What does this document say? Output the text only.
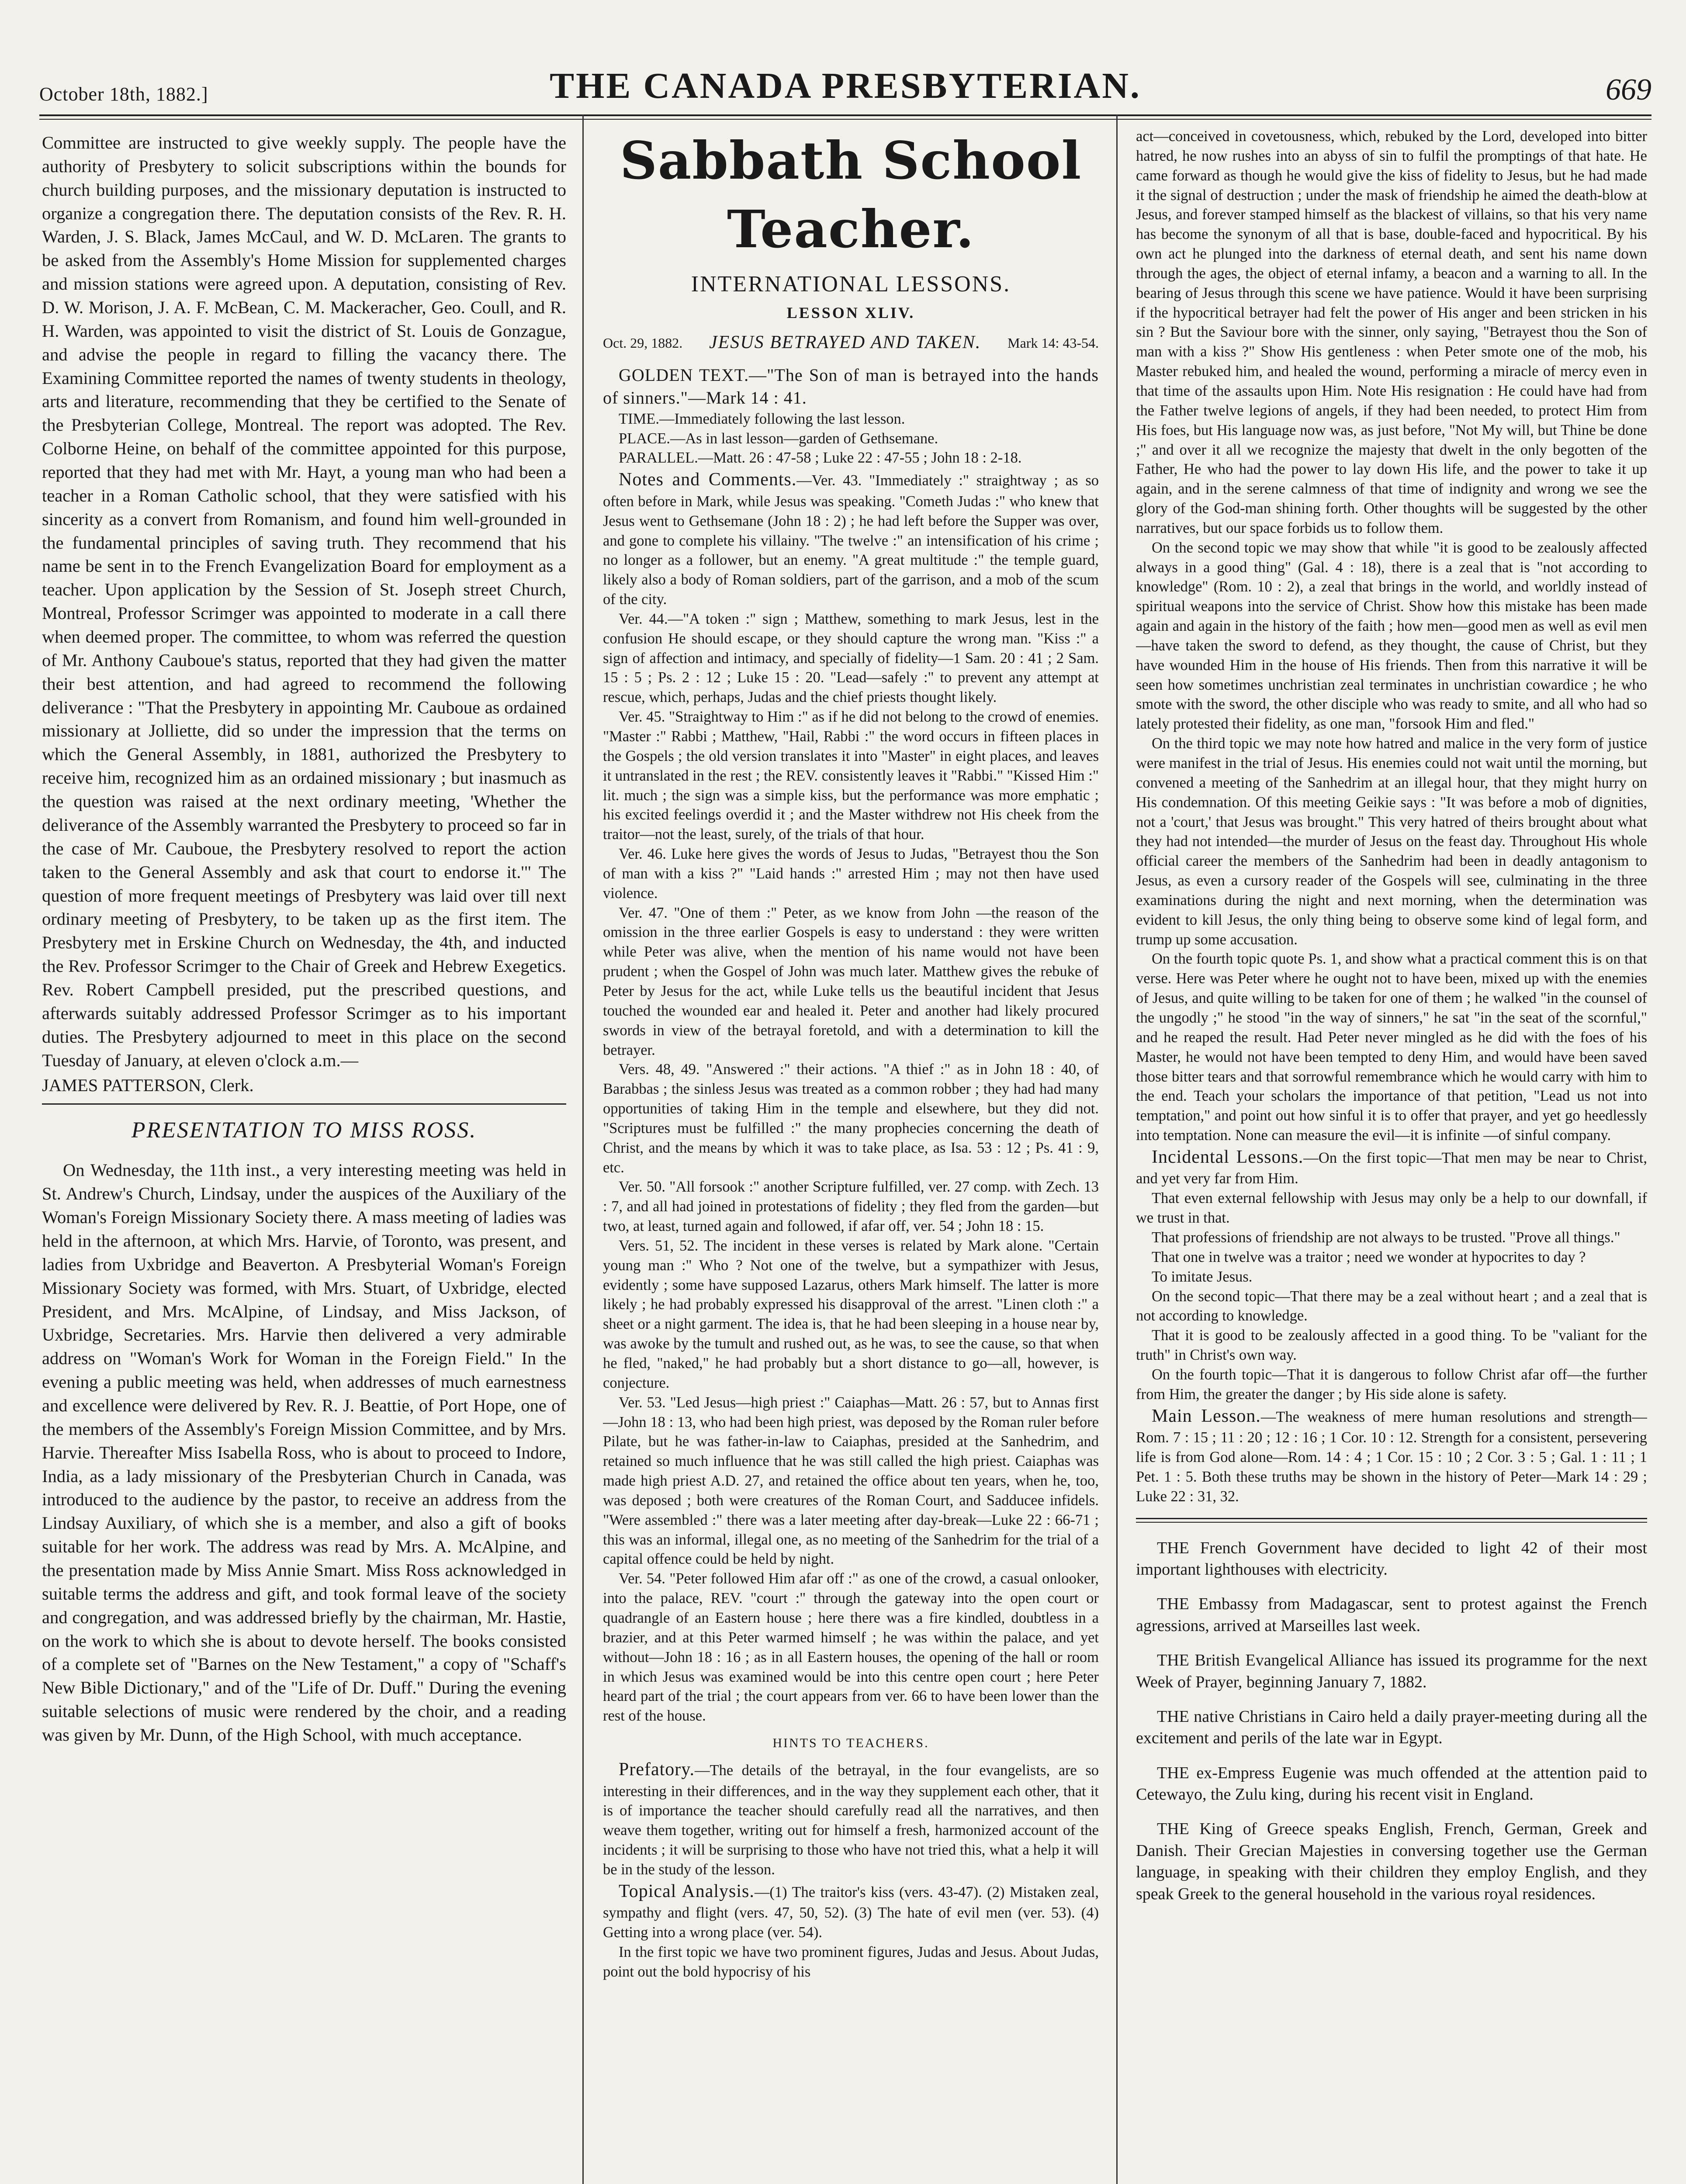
October 18th, 1882.]	THE CANADA PRESBYTERIAN.	669

Committee are instructed to give weekly supply. The people have the authority of Presbytery to solicit subscriptions within the bounds for church building purposes, and the missionary deputation is instructed to organize a congregation there. The deputation consists of the Rev. R. H. Warden, J. S. Black, James McCaul, and W. D. McLaren. The grants to be asked from the Assembly's Home Mission for supplemented charges and mission stations were agreed upon. A deputation, consisting of Rev. D. W. Morison, J. A. F. McBean, C. M. Mackeracher, Geo. Coull, and R. H. Warden, was appointed to visit the district of St. Louis de Gonzague, and advise the people in regard to filling the vacancy there. The Examining Committee reported the names of twenty students in theology, arts and literature, recommending that they be certified to the Senate of the Presbyterian College, Montreal. The report was adopted. The Rev. Colborne Heine, on behalf of the committee appointed for this purpose, reported that they had met with Mr. Hayt, a young man who had been a teacher in a Roman Catholic school, that they were satisfied with his sincerity as a convert from Romanism, and found him well-grounded in the fundamental principles of saving truth. They recommend that his name be sent in to the French Evangelization Board for employment as a teacher. Upon application by the Session of St. Joseph street Church, Montreal, Professor Scrimger was appointed to moderate in a call there when deemed proper. The committee, to whom was referred the question of Mr. Anthony Cauboue's status, reported that they had given the matter their best attention, and had agreed to recommend the following deliverance : "That the Presbytery in appointing Mr. Cauboue as ordained missionary at Jolliette, did so under the impression that the terms on which the General Assembly, in 1881, authorized the Presbytery to receive him, recognized him as an ordained missionary ; but inasmuch as the question was raised at the next ordinary meeting, 'Whether the deliverance of the Assembly warranted the Presbytery to proceed so far in the case of Mr. Cauboue, the Presbytery resolved to report the action taken to the General Assembly and ask that court to endorse it.'" The question of more frequent meetings of Presbytery was laid over till next ordinary meeting of Presbytery, to be taken up as the first item. The Presbytery met in Erskine Church on Wednesday, the 4th, and inducted the Rev. Professor Scrimger to the Chair of Greek and Hebrew Exegetics. Rev. Robert Campbell presided, put the prescribed questions, and afterwards suitably addressed Professor Scrimger as to his important duties. The Presbytery adjourned to meet in this place on the second Tuesday of January, at eleven o'clock a.m.—

JAMES PATTERSON, Clerk.

PRESENTATION TO MISS ROSS.

On Wednesday, the 11th inst., a very interesting meeting was held in St. Andrew's Church, Lindsay, under the auspices of the Auxiliary of the Woman's Foreign Missionary Society there. A mass meeting of ladies was held in the afternoon, at which Mrs. Harvie, of Toronto, was present, and ladies from Uxbridge and Beaverton. A Presbyterial Woman's Foreign Missionary Society was formed, with Mrs. Stuart, of Uxbridge, elected President, and Mrs. McAlpine, of Lindsay, and Miss Jackson, of Uxbridge, Secretaries. Mrs. Harvie then delivered a very admirable address on "Woman's Work for Woman in the Foreign Field." In the evening a public meeting was held, when addresses of much earnestness and excellence were delivered by Rev. R. J. Beattie, of Port Hope, one of the members of the Assembly's Foreign Mission Committee, and by Mrs. Harvie. Thereafter Miss Isabella Ross, who is about to proceed to Indore, India, as a lady missionary of the Presbyterian Church in Canada, was introduced to the audience by the pastor, to receive an address from the Lindsay Auxiliary, of which she is a member, and also a gift of books suitable for her work. The address was read by Mrs. A. McAlpine, and the presentation made by Miss Annie Smart. Miss Ross acknowledged in suitable terms the address and gift, and took formal leave of the society and congregation, and was addressed briefly by the chairman, Mr. Hastie, on the work to which she is about to devote herself. The books consisted of a complete set of "Barnes on the New Testament," a copy of "Schaff's New Bible Dictionary," and of the "Life of Dr. Duff." During the evening suitable selections of music were rendered by the choir, and a reading was given by Mr. Dunn, of the High School, with much acceptance.

Sabbath School Teacher.
INTERNATIONAL LESSONS.
LESSON XLIV.
Oct. 29, 1882. JESUS BETRAYED AND TAKEN. Mark 14: 43-54.

GOLDEN TEXT.—"The Son of man is betrayed into the hands of sinners."—Mark 14 : 41.

TIME.—Immediately following the last lesson.

PLACE.—As in last lesson—garden of Gethsemane.

PARALLEL.—Matt. 26 : 47-58 ; Luke 22 : 47-55 ; John 18 : 2-18.

Notes and Comments.—Ver. 43. "Immediately :" straightway ; as so often before in Mark, while Jesus was speaking. "Cometh Judas :" who knew that Jesus went to Gethsemane (John 18 : 2) ; he had left before the Supper was over, and gone to complete his villainy. "The twelve :" an intensification of his crime ; no longer as a follower, but an enemy. "A great multitude :" the temple guard, likely also a body of Roman soldiers, part of the garrison, and a mob of the scum of the city.

Ver. 44.—"A token :" sign ; Matthew, something to mark Jesus, lest in the confusion He should escape, or they should capture the wrong man. "Kiss :" a sign of affection and intimacy, and specially of fidelity—1 Sam. 20 : 41 ; 2 Sam. 15 : 5 ; Ps. 2 : 12 ; Luke 15 : 20. "Lead—safely :" to prevent any attempt at rescue, which, perhaps, Judas and the chief priests thought likely.

Ver. 45. "Straightway to Him :" as if he did not belong to the crowd of enemies. "Master :" Rabbi ; Matthew, "Hail, Rabbi :" the word occurs in fifteen places in the Gospels ; the old version translates it into "Master" in eight places, and leaves it untranslated in the rest ; the REV. consistently leaves it "Rabbi." "Kissed Him :" lit. much ; the sign was a simple kiss, but the performance was more emphatic ; his excited feelings overdid it ; and the Master withdrew not His cheek from the traitor—not the least, surely, of the trials of that hour.

Ver. 46. Luke here gives the words of Jesus to Judas, "Betrayest thou the Son of man with a kiss ?" "Laid hands :" arrested Him ; may not then have used violence.

Ver. 47. "One of them :" Peter, as we know from John —the reason of the omission in the three earlier Gospels is easy to understand : they were written while Peter was alive, when the mention of his name would not have been prudent ; when the Gospel of John was much later. Matthew gives the rebuke of Peter by Jesus for the act, while Luke tells us the beautiful incident that Jesus touched the wounded ear and healed it. Peter and another had likely procured swords in view of the betrayal foretold, and with a determination to kill the betrayer.

Vers. 48, 49. "Answered :" their actions. "A thief :" as in John 18 : 40, of Barabbas ; the sinless Jesus was treated as a common robber ; they had had many opportunities of taking Him in the temple and elsewhere, but they did not. "Scriptures must be fulfilled :" the many prophecies concerning the death of Christ, and the means by which it was to take place, as Isa. 53 : 12 ; Ps. 41 : 9, etc.

Ver. 50. "All forsook :" another Scripture fulfilled, ver. 27 comp. with Zech. 13 : 7, and all had joined in protestations of fidelity ; they fled from the garden—but two, at least, turned again and followed, if afar off, ver. 54 ; John 18 : 15.

Vers. 51, 52. The incident in these verses is related by Mark alone. "Certain young man :" Who ? Not one of the twelve, but a sympathizer with Jesus, evidently ; some have supposed Lazarus, others Mark himself. The latter is more likely ; he had probably expressed his disapproval of the arrest. "Linen cloth :" a sheet or a night garment. The idea is, that he had been sleeping in a house near by, was awoke by the tumult and rushed out, as he was, to see the cause, so that when he fled, "naked," he had probably but a short distance to go—all, however, is conjecture.

Ver. 53. "Led Jesus—high priest :" Caiaphas—Matt. 26 : 57, but to Annas first—John 18 : 13, who had been high priest, was deposed by the Roman ruler before Pilate, but he was father-in-law to Caiaphas, presided at the Sanhedrim, and retained so much influence that he was still called the high priest. Caiaphas was made high priest A.D. 27, and retained the office about ten years, when he, too, was deposed ; both were creatures of the Roman Court, and Sadducee infidels. "Were assembled :" there was a later meeting after day-break—Luke 22 : 66-71 ; this was an informal, illegal one, as no meeting of the Sanhedrim for the trial of a capital offence could be held by night.

Ver. 54. "Peter followed Him afar off :" as one of the crowd, a casual onlooker, into the palace, REV. "court :" through the gateway into the open court or quadrangle of an Eastern house ; here there was a fire kindled, doubtless in a brazier, and at this Peter warmed himself ; he was within the palace, and yet without—John 18 : 16 ; as in all Eastern houses, the opening of the hall or room in which Jesus was examined would be into this centre open court ; here Peter heard part of the trial ; the court appears from ver. 66 to have been lower than the rest of the house.

HINTS TO TEACHERS.

Prefatory.—The details of the betrayal, in the four evangelists, are so interesting in their differences, and in the way they supplement each other, that it is of importance the teacher should carefully read all the narratives, and then weave them together, writing out for himself a fresh, harmonized account of the incidents ; it will be surprising to those who have not tried this, what a help it will be in the study of the lesson.

Topical Analysis.—(1) The traitor's kiss (vers. 43-47). (2) Mistaken zeal, sympathy and flight (vers. 47, 50, 52). (3) The hate of evil men (ver. 53). (4) Getting into a wrong place (ver. 54).

In the first topic we have two prominent figures, Judas and Jesus. About Judas, point out the bold hypocrisy of his

act—conceived in covetousness, which, rebuked by the Lord, developed into bitter hatred, he now rushes into an abyss of sin to fulfil the promptings of that hate. He came forward as though he would give the kiss of fidelity to Jesus, but he had made it the signal of destruction ; under the mask of friendship he aimed the death-blow at Jesus, and forever stamped himself as the blackest of villains, so that his very name has become the synonym of all that is base, double-faced and hypocritical. By his own act he plunged into the darkness of eternal death, and sent his name down through the ages, the object of eternal infamy, a beacon and a warning to all. In the bearing of Jesus through this scene we have patience. Would it have been surprising if the hypocritical betrayer had felt the power of His anger and been stricken in his sin ? But the Saviour bore with the sinner, only saying, "Betrayest thou the Son of man with a kiss ?" Show His gentleness : when Peter smote one of the mob, his Master rebuked him, and healed the wound, performing a miracle of mercy even in that time of the assaults upon Him. Note His resignation : He could have had from the Father twelve legions of angels, if they had been needed, to protect Him from His foes, but His language now was, as just before, "Not My will, but Thine be done ;" and over it all we recognize the majesty that dwelt in the only begotten of the Father, He who had the power to lay down His life, and the power to take it up again, and in the serene calmness of that time of indignity and wrong we see the glory of the God-man shining forth. Other thoughts will be suggested by the other narratives, but our space forbids us to follow them.

On the second topic we may show that while "it is good to be zealously affected always in a good thing" (Gal. 4 : 18), there is a zeal that is "not according to knowledge" (Rom. 10 : 2), a zeal that brings in the world, and worldly instead of spiritual weapons into the service of Christ. Show how this mistake has been made again and again in the history of the faith ; how men—good men as well as evil men—have taken the sword to defend, as they thought, the cause of Christ, but they have wounded Him in the house of His friends. Then from this narrative it will be seen how sometimes unchristian zeal terminates in unchristian cowardice ; he who smote with the sword, the other disciple who was ready to smite, and all who had so lately protested their fidelity, as one man, "forsook Him and fled."

On the third topic we may note how hatred and malice in the very form of justice were manifest in the trial of Jesus. His enemies could not wait until the morning, but convened a meeting of the Sanhedrim at an illegal hour, that they might hurry on His condemnation. Of this meeting Geikie says : "It was before a mob of dignities, not a 'court,' that Jesus was brought." This very hatred of theirs brought about what they had not intended—the murder of Jesus on the feast day. Throughout His whole official career the members of the Sanhedrim had been in deadly antagonism to Jesus, as even a cursory reader of the Gospels will see, culminating in the three examinations during the night and next morning, when the determination was evident to kill Jesus, the only thing being to observe some kind of legal form, and trump up some accusation.

On the fourth topic quote Ps. 1, and show what a practical comment this is on that verse. Here was Peter where he ought not to have been, mixed up with the enemies of Jesus, and quite willing to be taken for one of them ; he walked "in the counsel of the ungodly ;" he stood "in the way of sinners," he sat "in the seat of the scornful," and he reaped the result. Had Peter never mingled as he did with the foes of his Master, he would not have been tempted to deny Him, and would have been saved those bitter tears and that sorrowful remembrance which he would carry with him to the end. Teach your scholars the importance of that petition, "Lead us not into temptation," and point out how sinful it is to offer that prayer, and yet go heedlessly into temptation. None can measure the evil—it is infinite —of sinful company.

Incidental Lessons.—On the first topic—That men may be near to Christ, and yet very far from Him.

That even external fellowship with Jesus may only be a help to our downfall, if we trust in that.

That professions of friendship are not always to be trusted. "Prove all things."

That one in twelve was a traitor ; need we wonder at hypocrites to day ?

To imitate Jesus.

On the second topic—That there may be a zeal without heart ; and a zeal that is not according to knowledge.

That it is good to be zealously affected in a good thing. To be "valiant for the truth" in Christ's own way.

On the fourth topic—That it is dangerous to follow Christ afar off—the further from Him, the greater the danger ; by His side alone is safety.

Main Lesson.—The weakness of mere human resolutions and strength—Rom. 7 : 15 ; 11 : 20 ; 12 : 16 ; 1 Cor. 10 : 12. Strength for a consistent, persevering life is from God alone—Rom. 14 : 4 ; 1 Cor. 15 : 10 ; 2 Cor. 3 : 5 ; Gal. 1 : 11 ; 1 Pet. 1 : 5. Both these truths may be shown in the history of Peter—Mark 14 : 29 ; Luke 22 : 31, 32.

THE French Government have decided to light 42 of their most important lighthouses with electricity.

THE Embassy from Madagascar, sent to protest against the French agressions, arrived at Marseilles last week.

THE British Evangelical Alliance has issued its programme for the next Week of Prayer, beginning January 7, 1882.

THE native Christians in Cairo held a daily prayer-meeting during all the excitement and perils of the late war in Egypt.

THE ex-Empress Eugenie was much offended at the attention paid to Cetewayo, the Zulu king, during his recent visit in England.

THE King of Greece speaks English, French, German, Greek and Danish. Their Grecian Majesties in conversing together use the German language, in speaking with their children they employ English, and they speak Greek to the general household in the various royal residences.
